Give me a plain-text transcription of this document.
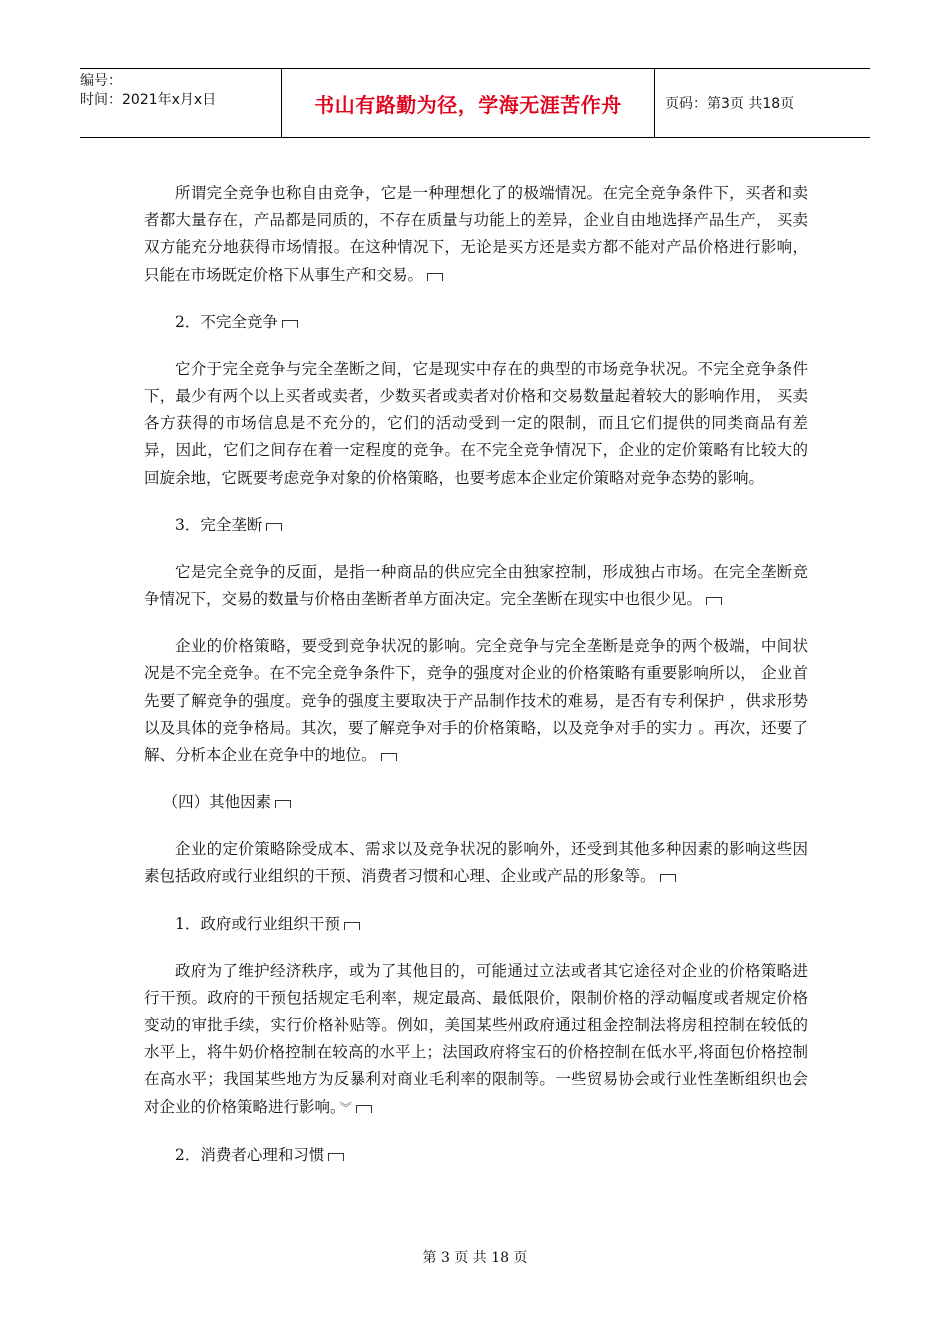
编号：
时间：2021年x月x日	书山有路勤为径，学海无涯苦作舟	页码：第3页 共18页

所谓完全竞争也称自由竞争，它是一种理想化了的极端情况。在完全竞争条件下，买者和卖者都大量存在，产品都是同质的，不存在质量与功能上的差异，企业自由地选择产品生产， 买卖双方能充分地获得市场情报。在这种情况下，无论是买方还是卖方都不能对产品价格进行影响，只能在市场既定价格下从事生产和交易。

2．不完全竞争

它介于完全竞争与完全垄断之间，它是现实中存在的典型的市场竞争状况。不完全竞争条件下，最少有两个以上买者或卖者，少数买者或卖者对价格和交易数量起着较大的影响作用， 买卖各方获得的市场信息是不充分的，它们的活动受到一定的限制，而且它们提供的同类商品有差异，因此，它们之间存在着一定程度的竞争。在不完全竞争情况下，企业的定价策略有比较大的回旋余地，它既要考虑竞争对象的价格策略，也要考虑本企业定价策略对竞争态势的影响。

3．完全垄断

它是完全竞争的反面，是指一种商品的供应完全由独家控制，形成独占市场。在完全垄断竞争情况下，交易的数量与价格由垄断者单方面决定。完全垄断在现实中也很少见。

企业的价格策略，要受到竞争状况的影响。完全竞争与完全垄断是竞争的两个极端，中间状况是不完全竞争。在不完全竞争条件下，竞争的强度对企业的价格策略有重要影响所以， 企业首先要了解竞争的强度。竞争的强度主要取决于产品制作技术的难易，是否有专利保护 ，供求形势以及具体的竞争格局。其次，要了解竞争对手的价格策略，以及竞争对手的实力 。再次，还要了解、分析本企业在竞争中的地位。

（四）其他因素

企业的定价策略除受成本、需求以及竞争状况的影响外，还受到其他多种因素的影响这些因素包括政府或行业组织的干预、消费者习惯和心理、企业或产品的形象等。

1．政府或行业组织干预

政府为了维护经济秩序，或为了其他目的，可能通过立法或者其它途径对企业的价格策略进行干预。政府的干预包括规定毛利率，规定最高、最低限价，限制价格的浮动幅度或者规定价格变动的审批手续，实行价格补贴等。例如，美国某些州政府通过租金控制法将房租控制在较低的水平上，将牛奶价格控制在较高的水平上；法国政府将宝石的价格控制在低水平,将面包价格控制在高水平；我国某些地方为反暴利对商业毛利率的限制等。一些贸易协会或行业性垄断组织也会对企业的价格策略进行影响。 ︾

2．消费者心理和习惯

第 3 页 共 18 页
